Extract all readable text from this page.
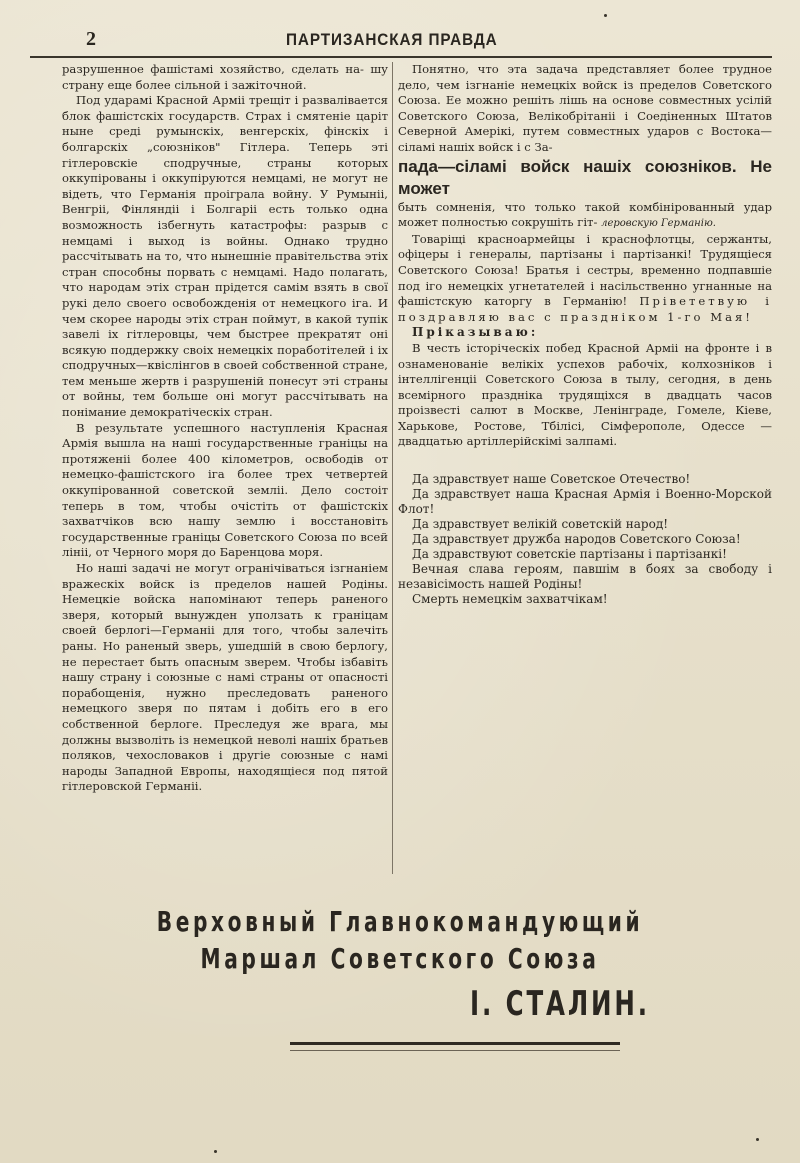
2	ПАРТИЗАНСКАЯ ПРАВДА

разрушенное фашістамі хозяйство, сделать на- шу страну еще более сільной і зажіточной.

Под ударамі Красной Арміі трещіт і разваліваетcя блок фашістскіх государств. Страх і смятеніе царіт ныне среді румынскіх, венгерскіх, фінскіх і болгарскіх „союзніков" Гітлера. Теперь эті гітлеровскіе сподручные, страны которых оккупірованы і оккупіруются немцамі, не могут не відеть, что Германія проіграла войну. У Румыніі, Венгріі, Фінляндіі і Болгаріі есть только одна возможность ізбегнуть катастрофы: разрыв с немцамі і выход із войны. Однако трудно рассчітывать на то, что нынешніе правітельства этіх стран способны порвать с немцамі. Надо полагать, что народам этіх стран прідется самім взять в свої рукі дело своего освобожденія от немецкого іга. И чем скорее народы этіх стран поймут, в какой тупік завелі іх гітлеровцы, чем быстрее прекратят оні всякую поддержку своіх немецкіх поработітелей і іх сподручных—квіслінгов в своей собственной стране, тем меньше жертв і разрушеній понесут эті страны от войны, тем больше оні могут рассчітывать на понімание демократіческіх стран.

В результате успешного наступленія Красная Армія вышла на нашi государственные граніцы на протяженіі более 400 кілометров, освободів от немецко-фашістского іга более трех четвертей оккупірованной советской земліі. Дело состоіт теперь в том, чтобы очістіть от фашістскіх захватчіков всю нашу землю і восстановіть государственные граніцы Советского Союза по всей лініі, от Черного моря до Баренцова моря.

Но нашi задачі не могут огранічіваться ізгнаніем вражескіх войск із пределов нашей Родіны. Немецкіе войска напомінают теперь раненого зверя, который вынужден уползать к граніцам своей берлогі—Германіі для того, чтобы залечіть раны. Но раненый зверь, ушедшій в свою берлогу, не перестает быть опасным зверем. Чтобы ізбавіть нашу страну і союзные с намі страны от опасності порабощенія, нужно преследовать раненого немецкого зверя по пятам і добіть его в его собственной берлоге. Преследуя же врага, мы должны вызволіть із немецкой неволі нашіх братьев поляков, чехословаков і другіе союзные с намі народы Западной Европы, находящіеся под пятой гітлеровской Германіі.

Понятно, что эта задача представляет более трудное дело, чем ізгнаніе немецкіх войск із пределов Советского Союза. Ее можно решіть лішь на основе совместных усілій Советского Союза, Велікобрітаніі і Соедіненных Штатов Северной Амерікі, путем совместных ударов с Востока—сіламі нашіх войск і с За-
пада—сіламі войск нашіх союзніков. Не может
быть сомненія, что только такой комбінірованный удар может полностью сокрушіть гіт- леровскую Германію.

Товаріщі красноармейцы і краснофлотцы, сержанты, офіцеры і генералы, партізаны і партізанкі! Трудящіеся Советского Союза! Братья і сестры, временно подпавшіе под іго немецкіх угнетателей і насільственно угнанные на фашістскую каторгу в Германію! Прівететвую і поздравляю вас с праздніком 1-го Мая!

Пріказываю:

В честь історіческіх побед Красной Арміі на фронте і в ознаменованіе велікіх успехов рабочіх, колхознiков і інтеллігенціі Советского Союза в тылу, сегодня, в день всемірного праздніка трудящіхся в двадцать часов проізвесті салют в Москве, Ленінграде, Гомеле, Кіеве, Харькове, Ростове, Тбілісі, Сімферополе, Одессе — двадцатью артіллерійскімі залпамі.

Да здравствует наше Советское Отечество!

Да здравствует наша Красная Армія і Военно-Морской Флот!

Да здравствует велікій советскій народ!

Да здравствует дружба народов Советского Союза!

Да здравствуют советскіе партізаны і партізанкі!

Вечная слава героям, павшім в боях за свободу і незавісімость нашей Родіны!

Смерть немецкім захватчікам!

Верховный Главнокомандующий
Маршал Советского Союза
І. СТАЛИН.
